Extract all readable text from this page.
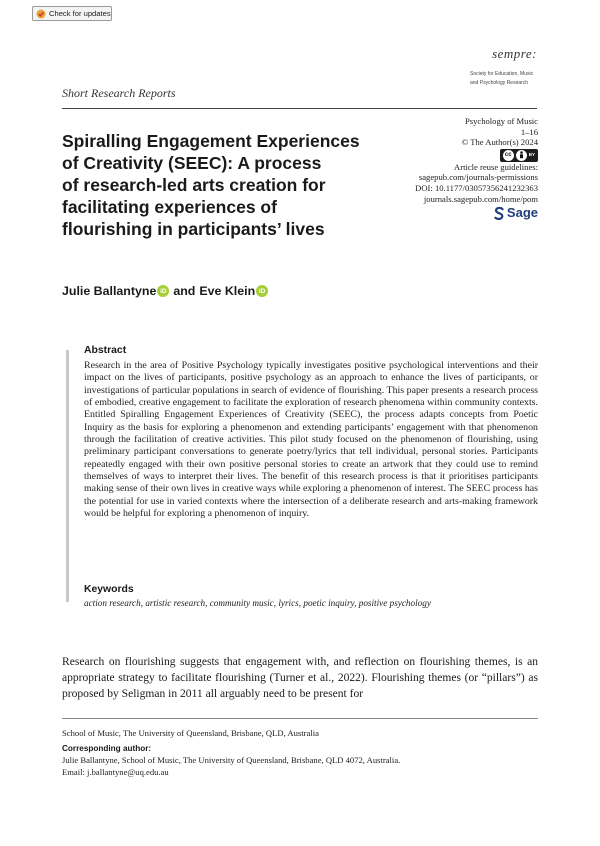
Check for updates
sempre:
Society for Education, Music
and Psychology Research
Short Research Reports
Spiralling Engagement Experiences
of Creativity (SEEC): A process
of research-led arts creation for
facilitating experiences of
flourishing in participants’ lives
Psychology of Music
1–16
© The Author(s) 2024
cc	BY
Article reuse guidelines:
sagepub.com/journals-permissions
DOI: 10.1177/03057356241232363
journals.sagepub.com/home/pom
Sage
Julie Ballantyne iD and Eve Klein iD
Abstract
Research in the area of Positive Psychology typically investigates positive psychological interventions and their impact on the lives of participants, positive psychology as an approach to enhance the lives of participants, or investigations of particular populations in search of evidence of flourishing. This paper presents a research process of embodied, creative engagement to facilitate the exploration of research phenomena within community contexts. Entitled Spiralling Engagement Experiences of Creativity (SEEC), the process adapts concepts from Poetic Inquiry as the basis for exploring a phenomenon and extending participants’ engagement with that phenomenon through the facilitation of creative activities. This pilot study focused on the phenomenon of flourishing, using preliminary participant conversations to generate poetry/lyrics that tell individual, personal stories. Participants repeatedly engaged with their own positive personal stories to create an artwork that they could use to remind themselves of ways to interpret their lives. The benefit of this research process is that it prioritises participants making sense of their own lives in creative ways while exploring a phenomenon of interest. The SEEC process has the potential for use in varied contexts where the intersection of a deliberate research and arts-making framework would be helpful for exploring a phenomenon of inquiry.
Keywords
action research, artistic research, community music, lyrics, poetic inquiry, positive psychology
Research on flourishing suggests that engagement with, and reflection on flourishing themes, is an appropriate strategy to facilitate flourishing (Turner et al., 2022). Flourishing themes (or “pillars”) as proposed by Seligman in 2011 all arguably need to be present for
School of Music, The University of Queensland, Brisbane, QLD, Australia
Corresponding author:
Julie Ballantyne, School of Music, The University of Queensland, Brisbane, QLD 4072, Australia.
Email: j.ballantyne@uq.edu.au
